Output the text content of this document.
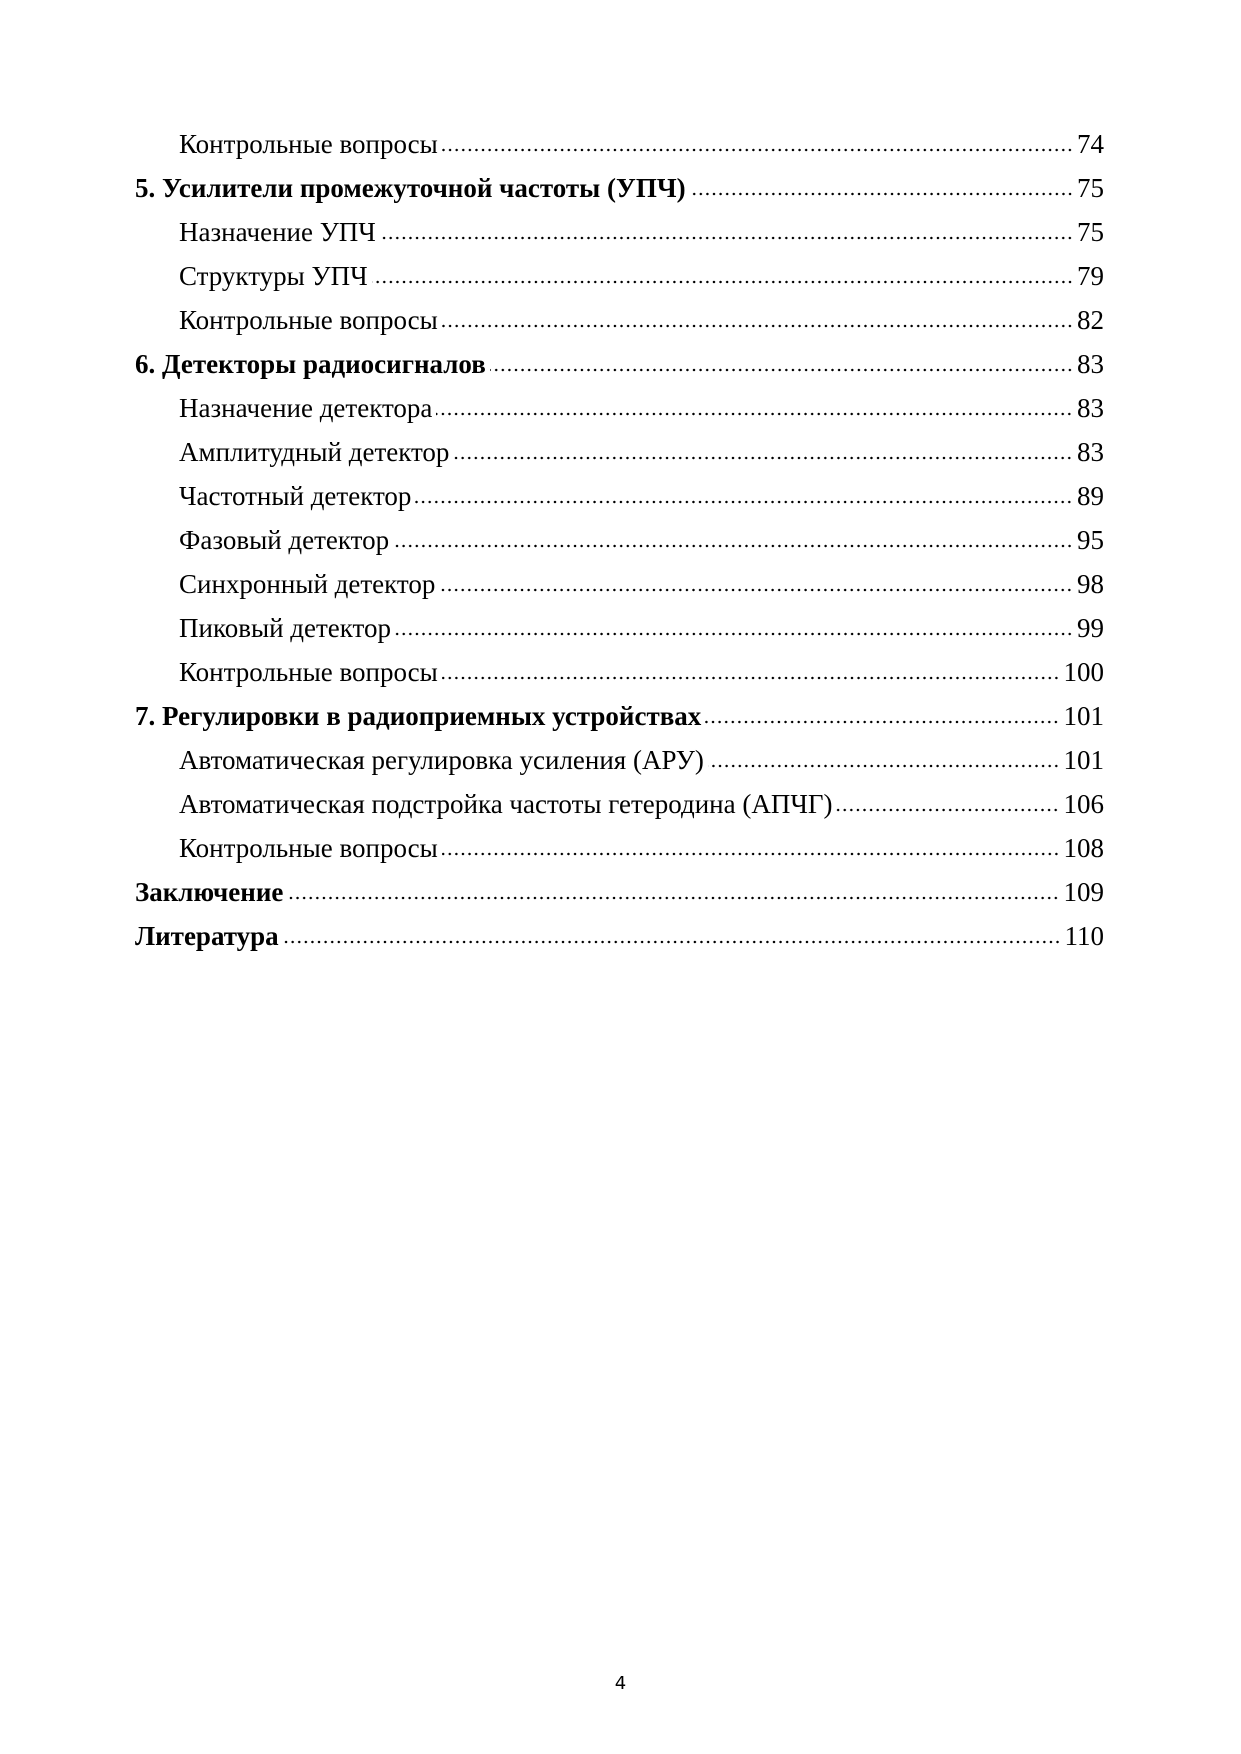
Контрольные вопросы	74
5. Усилители промежуточной частоты (УПЧ)	75
Назначение УПЧ	75
Структуры УПЧ	79
Контрольные вопросы	82
6. Детекторы радиосигналов	83
Назначение детектора	83
Амплитудный детектор	83
Частотный детектор	89
Фазовый детектор	95
Синхронный детектор	98
Пиковый детектор	99
Контрольные вопросы	100
7. Регулировки в радиоприемных устройствах	101
Автоматическая регулировка усиления (АРУ)	101
Автоматическая подстройка частоты гетеродина (АПЧГ)	106
Контрольные вопросы	108
Заключение	109
Литература	110
4
